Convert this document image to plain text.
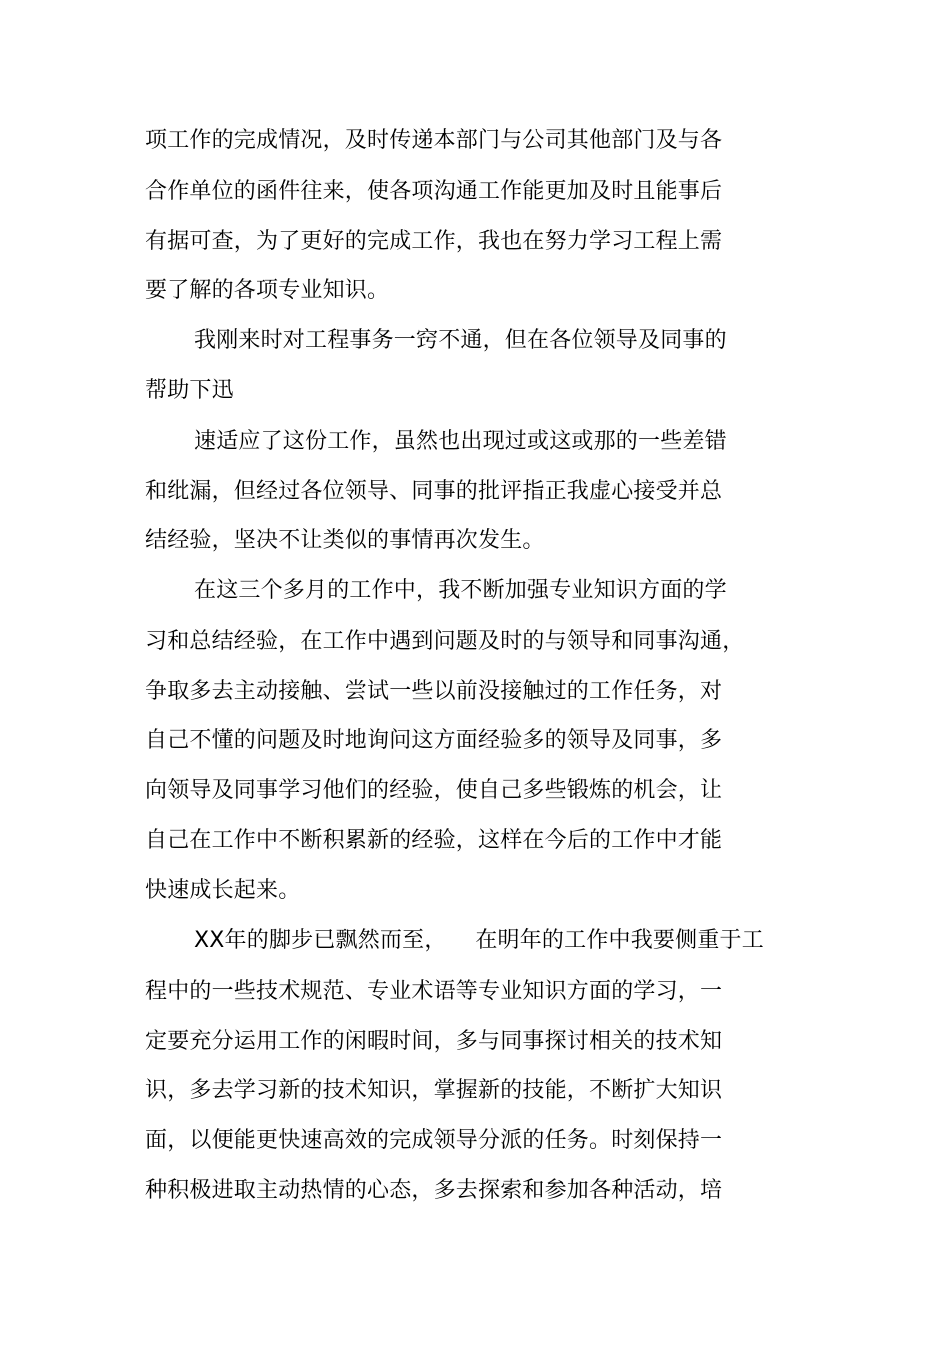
项工作的完成情况，及时传递本部门与公司其他部门及与各
合作单位的函件往来，使各项沟通工作能更加及时且能事后
有据可查，为了更好的完成工作，我也在努力学习工程上需
要了解的各项专业知识。
我刚来时对工程事务一窍不通，但在各位领导及同事的
帮助下迅
速适应了这份工作，虽然也出现过或这或那的一些差错
和纰漏，但经过各位领导、同事的批评指正我虚心接受并总
结经验，坚决不让类似的事情再次发生。
在这三个多月的工作中，我不断加强专业知识方面的学
习和总结经验，在工作中遇到问题及时的与领导和同事沟通，
争取多去主动接触、尝试一些以前没接触过的工作任务，对
自己不懂的问题及时地询问这方面经验多的领导及同事，多
向领导及同事学习他们的经验，使自己多些锻炼的机会，让
自己在工作中不断积累新的经验，这样在今后的工作中才能
快速成长起来。
XX年的脚步已飘然而至，    在明年的工作中我要侧重于工
程中的一些技术规范、专业术语等专业知识方面的学习，一
定要充分运用工作的闲暇时间，多与同事探讨相关的技术知
识，多去学习新的技术知识，掌握新的技能，不断扩大知识
面，以便能更快速高效的完成领导分派的任务。时刻保持一
种积极进取主动热情的心态，多去探索和参加各种活动，培
